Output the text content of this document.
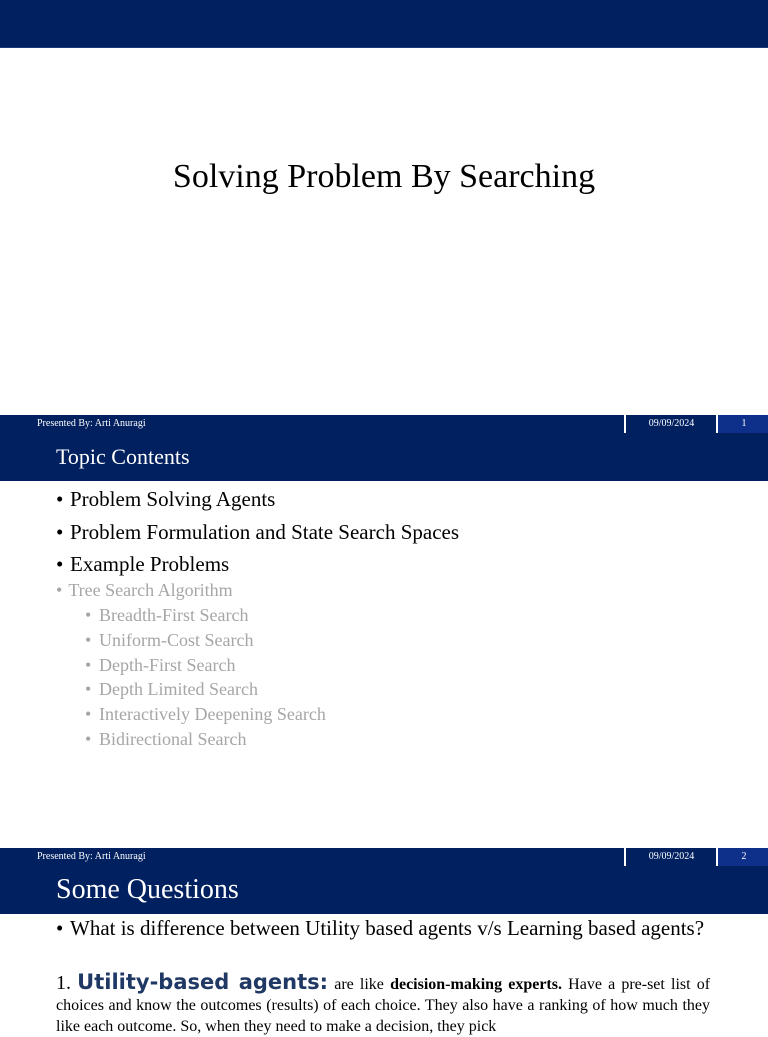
Solving Problem By Searching
Presented By: Arti Anuragi	09/09/2024	1
Topic Contents
• Problem Solving Agents
• Problem Formulation and State Search Spaces
• Example Problems
• Tree Search Algorithm
• Breadth-First Search
• Uniform-Cost Search
• Depth-First Search
• Depth Limited Search
• Interactively Deepening Search
• Bidirectional Search
Presented By: Arti Anuragi	09/09/2024	2
Some Questions
• What is difference between Utility based agents v/s Learning based agents?
1. Utility-based agents: are like decision-making experts. Have a pre-set list of choices and know the outcomes (results) of each choice. They also have a ranking of how much they like each outcome. So, when they need to make a decision, they pick
